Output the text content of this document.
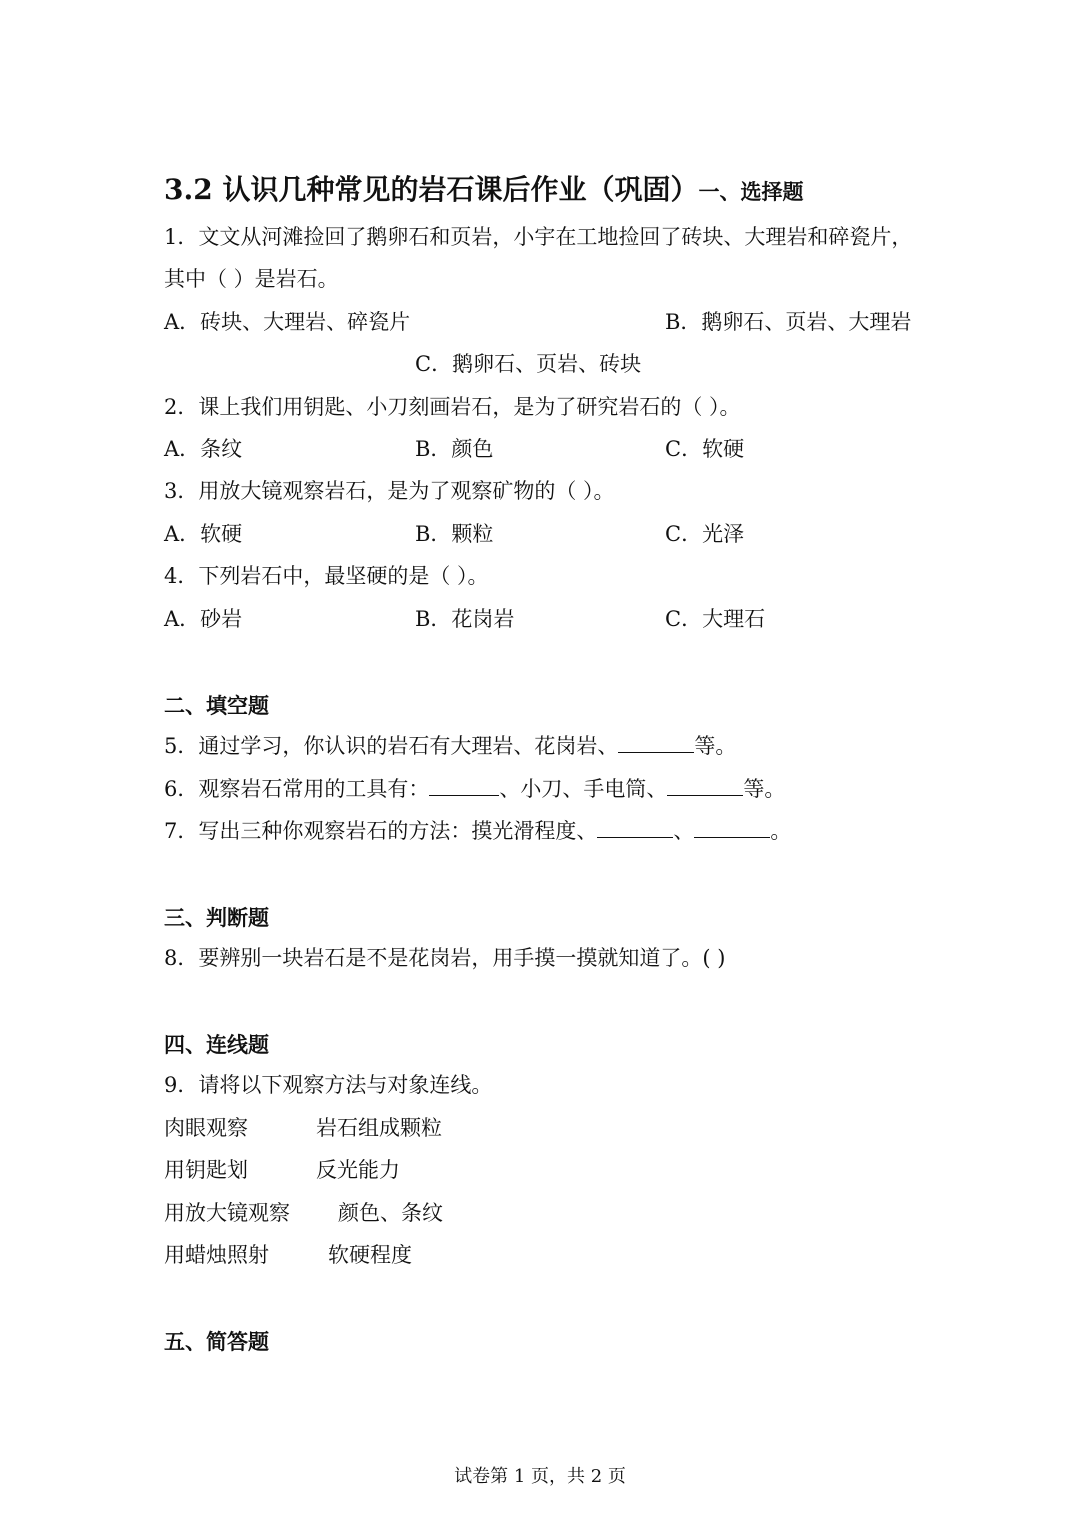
3.2 认识几种常见的岩石课后作业（巩固）一、选择题
1．文文从河滩捡回了鹅卵石和页岩，小宇在工地捡回了砖块、大理岩和碎瓷片，
其中（ ）是岩石。
A．砖块、大理岩、碎瓷片	B．鹅卵石、页岩、大理岩
C．鹅卵石、页岩、砖块
2．课上我们用钥匙、小刀刻画岩石，是为了研究岩石的（ ）。
A．条纹	B．颜色	C．软硬
3．用放大镜观察岩石，是为了观察矿物的（ ）。
A．软硬	B．颗粒	C．光泽
4．下列岩石中，最坚硬的是（ ）。
A．砂岩	B．花岗岩	C．大理石
二、填空题
5．通过学习，你认识的岩石有大理岩、花岗岩、	等。
6．观察岩石常用的工具有：	、小刀、手电筒、	等。
7．写出三种你观察岩石的方法：摸光滑程度、	、	。
三、判断题
8．要辨别一块岩石是不是花岗岩，用手摸一摸就知道了。( )
四、连线题
9．请将以下观察方法与对象连线。
肉眼观察	岩石组成颗粒
用钥匙划	反光能力
用放大镜观察 颜色、条纹
用蜡烛照射	软硬程度
五、简答题
试卷第 1 页，共 2 页
